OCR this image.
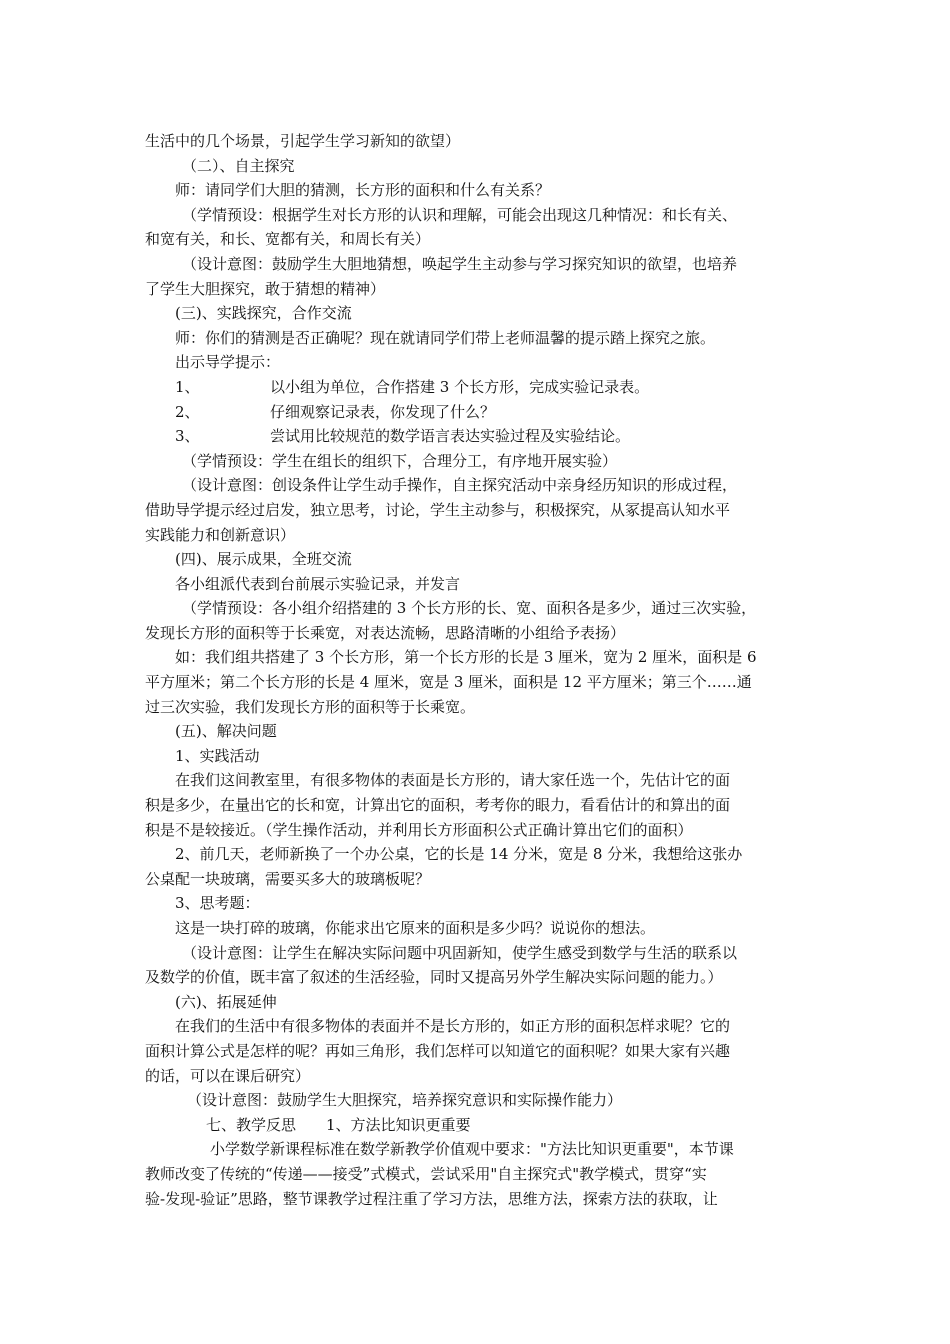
生活中的几个场景，引起学生学习新知的欲望）

（二）、自主探究

师：请同学们大胆的猜测，长方形的面积和什么有关系？

（学情预设：根据学生对长方形的认识和理解，可能会出现这几种情况：和长有关、

和宽有关，和长、宽都有关，和周长有关）

（设计意图：鼓励学生大胆地猜想，唤起学生主动参与学习探究知识的欲望，也培养

了学生大胆探究，敢于猜想的精神）

(三)、实践探究，合作交流

师：你们的猜测是否正确呢？现在就请同学们带上老师温馨的提示踏上探究之旅。

出示导学提示：

1、	以小组为单位，合作搭建 3 个长方形，完成实验记录表。

2、	仔细观察记录表，你发现了什么？

3、	尝试用比较规范的数学语言表达实验过程及实验结论。

（学情预设：学生在组长的组织下，合理分工，有序地开展实验）

（设计意图：创设条件让学生动手操作，自主探究活动中亲身经历知识的形成过程，

借助导学提示经过启发，独立思考，讨论，学生主动参与，积极探究，从冢提高认知水平

实践能力和创新意识）

(四)、展示成果，全班交流

各小组派代表到台前展示实验记录，并发言

（学情预设：各小组介绍搭建的 3 个长方形的长、宽、面积各是多少，通过三次实验，

发现长方形的面积等于长乘宽，对表达流畅，思路清晰的小组给予表扬）

如：我们组共搭建了 3 个长方形，第一个长方形的长是 3 厘米，宽为 2 厘米，面积是 6

平方厘米；第二个长方形的长是 4 厘米，宽是 3 厘米，面积是 12 平方厘米；第三个……通

过三次实验，我们发现长方形的面积等于长乘宽。

(五)、解决问题

1、实践活动

在我们这间教室里，有很多物体的表面是长方形的，请大家任选一个，先估计它的面

积是多少，在量出它的长和宽，计算出它的面积，考考你的眼力，看看估计的和算出的面

积是不是较接近。（学生操作活动，并利用长方形面积公式正确计算出它们的面积）

2、前几天，老师新换了一个办公桌，它的长是 14 分米，宽是 8 分米，我想给这张办

公桌配一块玻璃，需要买多大的玻璃板呢？

3、思考题：

这是一块打碎的玻璃，你能求出它原来的面积是多少吗？说说你的想法。

（设计意图：让学生在解决实际问题中巩固新知，使学生感受到数学与生活的联系以

及数学的价值，既丰富了叙述的生活经验，同时又提高另外学生解决实际问题的能力。）

(六)、拓展延伸

在我们的生活中有很多物体的表面并不是长方形的，如正方形的面积怎样求呢？它的

面积计算公式是怎样的呢？再如三角形，我们怎样可以知道它的面积呢？如果大家有兴趣

的话，可以在课后研究）

（设计意图：鼓励学生大胆探究，培养探究意识和实际操作能力）

七、教学反思　　1、方法比知识更重要

小学数学新课程标准在数学新教学价值观中要求："方法比知识更重要"，本节课

教师改变了传统的“传递——接受”式模式，尝试采用"自主探究式"教学模式，贯穿“实

验-发现-验证”思路，整节课教学过程注重了学习方法，思维方法，探索方法的获取，让
